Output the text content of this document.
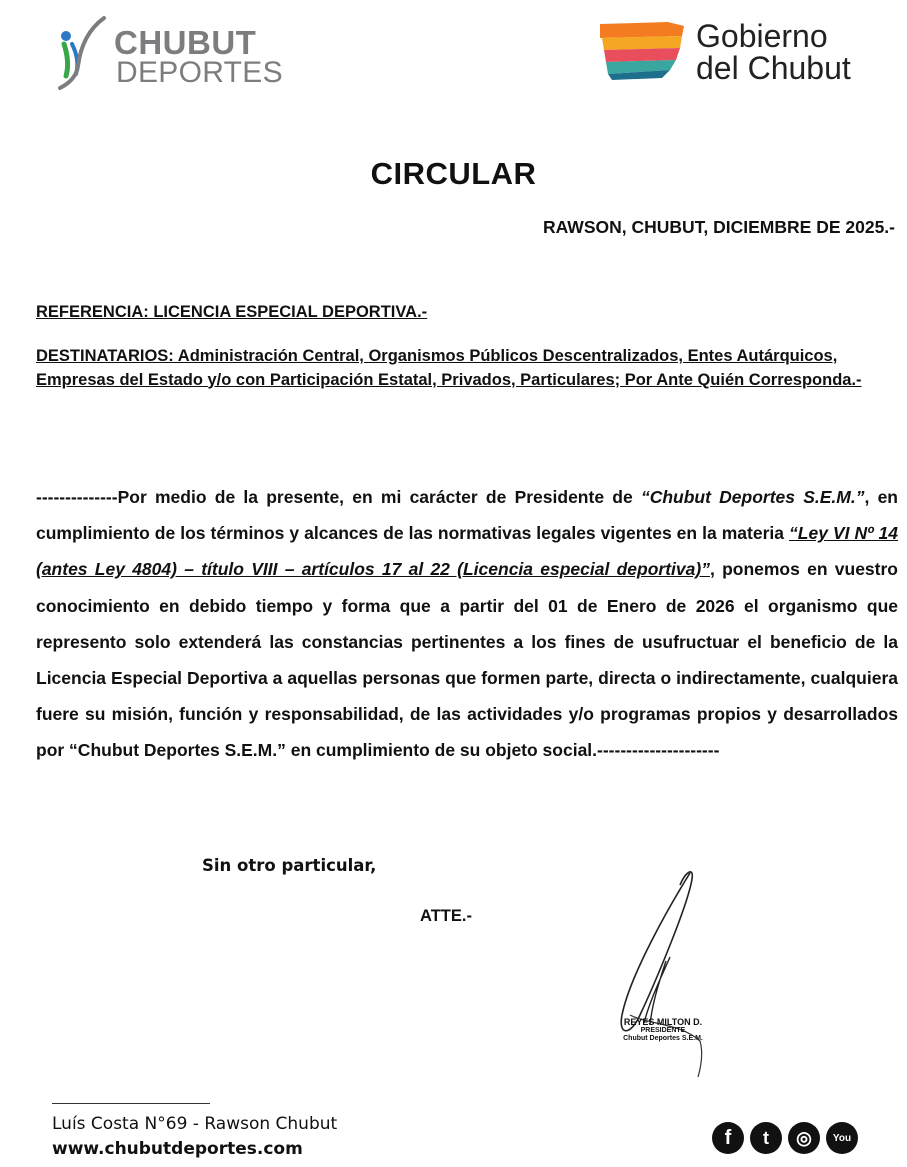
CHUBUT
DEPORTES
Gobierno
del Chubut
CIRCULAR
RAWSON, CHUBUT, DICIEMBRE DE 2025.-
REFERENCIA: LICENCIA ESPECIAL DEPORTIVA.-
DESTINATARIOS: Administración Central, Organismos Públicos Descentralizados, Entes Autárquicos, Empresas del Estado y/o con Participación Estatal, Privados, Particulares; Por Ante Quién Corresponda.-
--------------Por medio de la presente, en mi carácter de Presidente de “Chubut Deportes S.E.M.”, en cumplimiento de los términos y alcances de las normativas legales vigentes en la materia “Ley VI Nº 14 (antes Ley 4804) – título VIII – artículos 17 al 22 (Licencia especial deportiva)”, ponemos en vuestro conocimiento en debido tiempo y forma que a partir del 01 de Enero de 2026 el organismo que represento solo extenderá las constancias pertinentes a los fines de usufructuar el beneficio de la Licencia Especial Deportiva a aquellas personas que formen parte, directa o indirectamente, cualquiera fuere su misión, función y responsabilidad, de las actividades y/o programas propios y desarrollados por “Chubut Deportes S.E.M.” en cumplimiento de su objeto social.---------------------
Sin otro particular,
ATTE.-
REYES MILTON D.
PRESIDENTE
Chubut Deportes S.E.M.
Luís Costa N°69 - Rawson Chubut
www.chubutdeportes.com
f	t	◎	You
